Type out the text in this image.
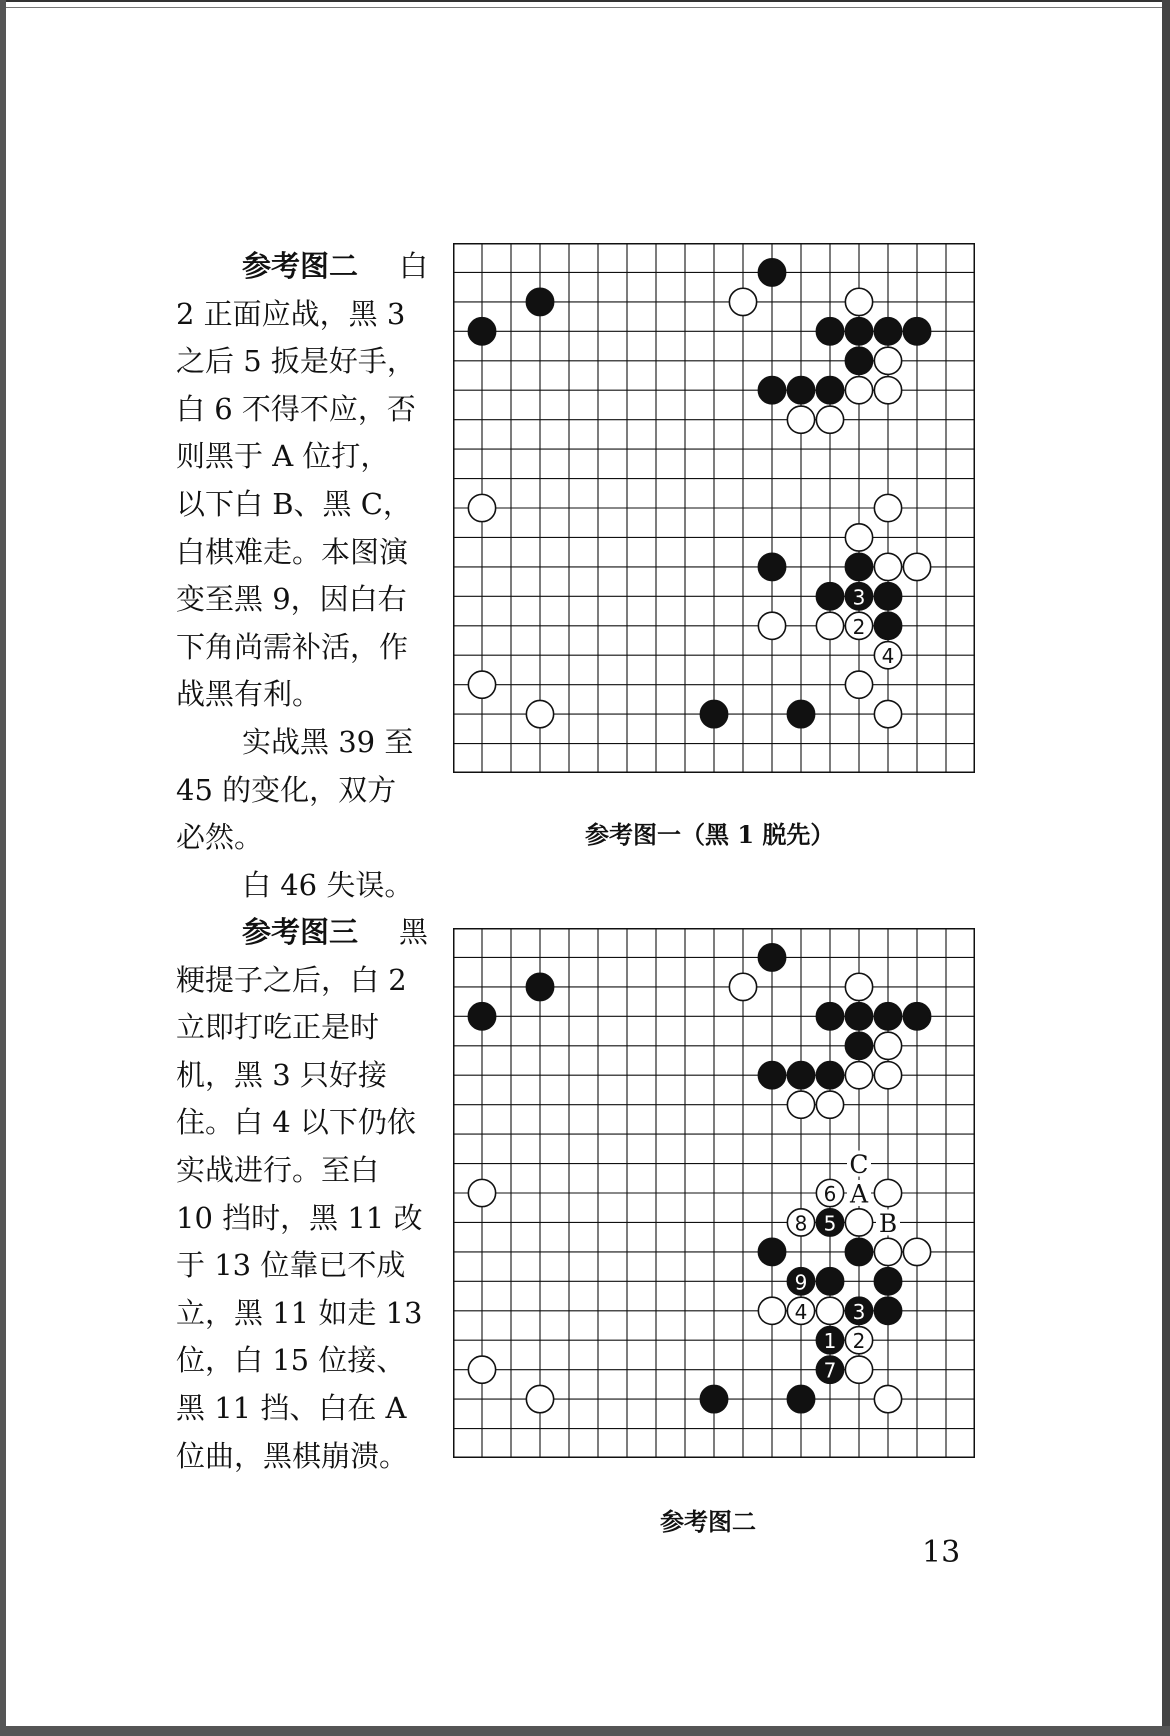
参考图二 白
2 正面应战，黑 3
之后 5 扳是好手，
白 6 不得不应，否
则黑于 A 位打，
以下白 B、黑 C，
白棋难走。本图演
变至黑 9，因白右
下角尚需补活，作
战黑有利。
实战黑 39 至
45 的变化，双方
必然。
白 46 失误。
参考图三 黑
粳提子之后，白 2
立即打吃正是时
机，黑 3 只好接
住。白 4 以下仍依
实战进行。至白
10 挡时，黑 11 改
于 13 位靠已不成
立，黑 11 如走 13
位，白 15 位接、
黑 11 挡、白在 A
位曲，黑棋崩溃。
3
2
4
参考图一（黑 1 脱先）
6
8 5
9
4 3
1 2
7
C
A
B
参考图二
13
